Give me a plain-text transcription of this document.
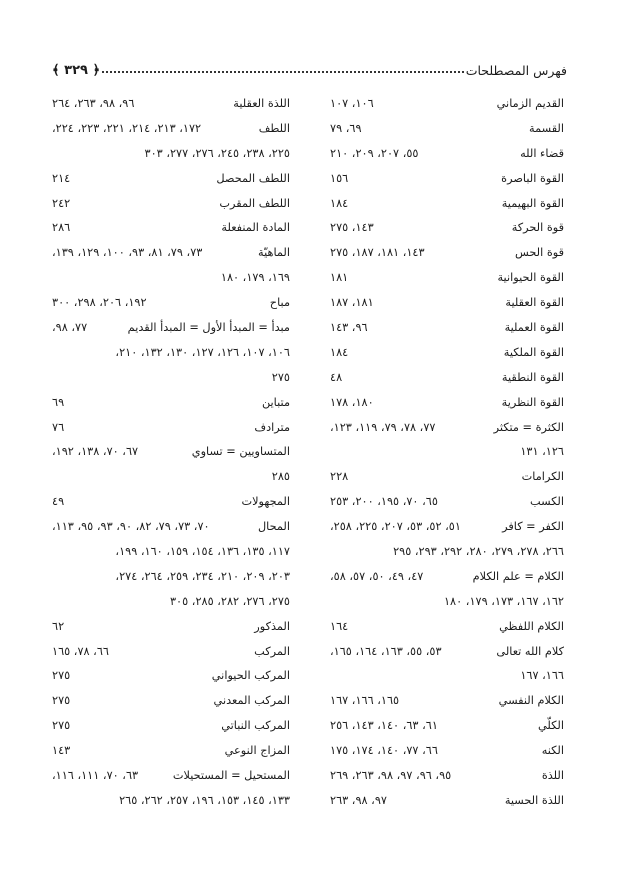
فهرس المصطلحات
﴿ ٣٢٩ ﴾
القديم الزماني
١٠٦، ١٠٧
القسمة
٦٩، ٧٩
قضاء الله
٥٥، ٢٠٧، ٢٠٩، ٢١٠
القوة الباصرة
١٥٦
القوة البهيمية
١٨٤
قوة الحركة
١٤٣، ٢٧٥
قوة الحس
١٤٣، ١٨١، ١٨٧، ٢٧٥
القوة الحيوانية
١٨١
القوة العقلية
١٨١، ١٨٧
القوة العملية
٩٦، ١٤٣
القوة الملكية
١٨٤
القوة النطقية
٤٨
القوة النظرية
١٨٠، ١٧٨
الكثرة = متكثر
٧٧، ٧٨، ٧٩، ١١٩، ١٢٣،
١٢٦، ١٣١
الكرامات
٢٢٨
الكسب
٦٥، ٧٠، ١٩٥، ٢٠٠، ٢٥٣
الكفر = كافر
٥١، ٥٢، ٥٣، ٢٠٧، ٢٢٥، ٢٥٨،
٢٦٦، ٢٧٨، ٢٧٩، ٢٨٠، ٢٩٢، ٢٩٣، ٢٩٥
الكلام = علم الكلام
٤٧، ٤٩، ٥٠، ٥٧، ٥٨،
١٦٢، ١٦٧، ١٧٣، ١٧٩، ١٨٠
الكلام اللفظي
١٦٤
كلام الله تعالى
٥٣، ٥٥، ١٦٣، ١٦٤، ١٦٥،
١٦٦، ١٦٧
الكلام النفسي
١٦٥، ١٦٦، ١٦٧
الكلّي
٦١، ٦٣، ١٤٠، ١٤٣، ٢٥٦
الكنه
٦٦، ٧٧، ١٤٠، ١٧٤، ١٧٥
اللذة
٩٥، ٩٦، ٩٧، ٩٨، ٢٦٣، ٢٦٩
اللذة الحسية
٩٧، ٩٨، ٢٦٣
اللذة العقلية
٩٦، ٩٨، ٢٦٣، ٢٦٤
اللطف
١٧٢، ٢١٣، ٢١٤، ٢٢١، ٢٢٣، ٢٢٤،
٢٢٥، ٢٣٨، ٢٤٥، ٢٧٦، ٢٧٧، ٣٠٣
اللطف المحصل
٢١٤
اللطف المقرب
٢٤٢
المادة المنفعلة
٢٨٦
الماهيّة
٧٣، ٧٩، ٨١، ٩٣، ١٠٠، ١٢٩، ١٣٩،
١٦٩، ١٧٩، ١٨٠
مباح
١٩٢، ٢٠٦، ٢٩٨، ٣٠٠
مبدأ = المبدأ الأول = المبدأ القديم
٧٧، ٩٨،
١٠٦، ١٠٧، ١٢٦، ١٢٧، ١٣٠، ١٣٢، ٢١٠،
٢٧٥
متباين
٦٩
مترادف
٧٦
المتساويين = تساوي
٦٧، ٧٠، ١٣٨، ١٩٢،
٢٨٥
المجهولات
٤٩
المحال
٧٠، ٧٣، ٧٩، ٨٢، ٩٠، ٩٣، ٩٥، ١١٣،
١١٧، ١٣٥، ١٣٦، ١٥٤، ١٥٩، ١٦٠، ١٩٩،
٢٠٣، ٢٠٩، ٢١٠، ٢٣٤، ٢٥٩، ٢٦٤، ٢٧٤،
٢٧٥، ٢٧٦، ٢٨٢، ٢٨٥، ٣٠٥
المذكور
٦٢
المركب
٦٦، ٧٨، ١٦٥
المركب الحيواني
٢٧٥
المركب المعدني
٢٧٥
المركب النباتي
٢٧٥
المزاج النوعي
١٤٣
المستحيل = المستحيلات
٦٣، ٧٠، ١١١، ١١٦،
١٣٣، ١٤٥، ١٥٣، ١٩٦، ٢٥٧، ٢٦٢، ٢٦٥
